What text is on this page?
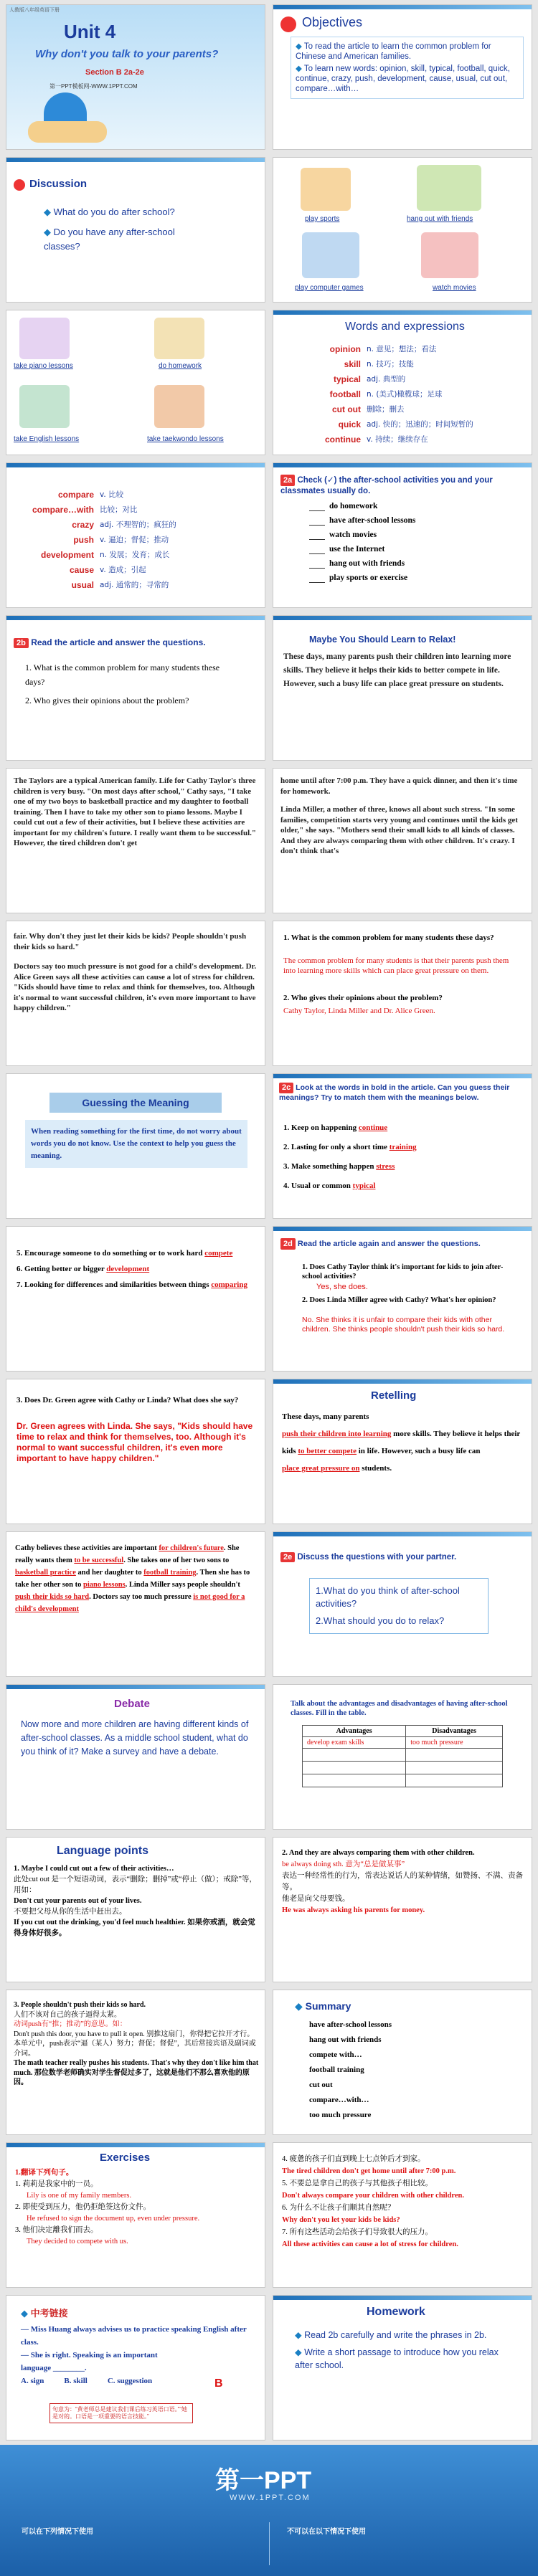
人教版八年级英语下册
Unit 4
Why don't you talk to your parents?
Section B 2a-2e
第一PPT模板网-WWW.1PPT.COM
Objectives
◆ To read the article to learn the common problem for Chinese and American families.
◆ To learn new words: opinion, skill, typical, football, quick, continue, crazy, push, development, cause, usual, cut out, compare…with…
Discussion
◆ What do you do after school?
◆ Do you have any after-school classes?
play sports	hang out with friends
play computer games	watch movies
take piano lessons	do homework
take English lessons	take taekwondo lessons
Words and expressions
opinion n. 意见；想法；看法
skill n. 技巧；技能
typical adj. 典型的
football n. (美式)橄榄球；足球
cut out 删除；删去
quick adj. 快的；迅速的；时间短暂的
continue v. 持续；继续存在
compare v. 比较
compare…with 比较；对比
crazy adj. 不理智的；疯狂的
push v. 逼迫；督促；推动
development n. 发展；发育；成长
cause v. 造成；引起
usual adj. 通常的；寻常的
2a Check (✓) the after-school activities you and your classmates usually do.
do homework
have after-school lessons
watch movies
use the Internet
hang out with friends
play sports or exercise
2b Read the article and answer the questions.
1. What is the common problem for many students these days?
2. Who gives their opinions about the problem?
Maybe You Should Learn to Relax!
These days, many parents push their children into learning more skills. They believe it helps their kids to better compete in life. However, such a busy life can place great pressure on students.
The Taylors are a typical American family. Life for Cathy Taylor's three children is very busy. "On most days after school," Cathy says, "I take one of my two boys to basketball practice and my daughter to football training. Then I have to take my other son to piano lessons. Maybe I could cut out a few of their activities, but I believe these activities are important for my children's future. I really want them to be successful." However, the tired children don't get
home until after 7:00 p.m. They have a quick dinner, and then it's time for homework.
Linda Miller, a mother of three, knows all about such stress. "In some families, competition starts very young and continues until the kids get older," she says. "Mothers send their small kids to all kinds of classes. And they are always comparing them with other children. It's crazy. I don't think that's
fair. Why don't they just let their kids be kids? People shouldn't push their kids so hard."
Doctors say too much pressure is not good for a child's development. Dr. Alice Green says all these activities can cause a lot of stress for children. "Kids should have time to relax and think for themselves, too. Although it's normal to want successful children, it's even more important to have happy children."
1. What is the common problem for many students these days?
The common problem for many students is that their parents push them into learning more skills which can place great pressure on them.
2. Who gives their opinions about the problem?
Cathy Taylor, Linda Miller and Dr. Alice Green.
Guessing the Meaning
When reading something for the first time, do not worry about words you do not know. Use the context to help you guess the meaning.
2c Look at the words in bold in the article. Can you guess their meanings? Try to match them with the meanings below.
1. Keep on happening continue
2. Lasting for only a short time training
3. Make something happen stress
4. Usual or common typical
5. Encourage someone to do something or to work hard compete
6. Getting better or bigger development
7. Looking for differences and similarities between things comparing
2d Read the article again and answer the questions.
1. Does Cathy Taylor think it's important for kids to join after-school activities?
Yes, she does.
2. Does Linda Miller agree with Cathy? What's her opinion?
No. She thinks it is unfair to compare their kids with other children. She thinks people shouldn't push their kids so hard.
3. Does Dr. Green agree with Cathy or Linda? What does she say?
Dr. Green agrees with Linda. She says, "Kids should have time to relax and think for themselves, too. Although it's normal to want successful children, it's even more important to have happy children."
Retelling
These days, many parents
push their children into learning more skills. They believe it helps their kids to better compete in life. However, such a busy life can
place great pressure on students.
Cathy believes these activities are important for children's future. She really wants them to be successful. She takes one of her two sons to basketball practice and her daughter to football training. Then she has to take her other son to piano lessons. Linda Miller says people shouldn't push their kids so hard. Doctors say too much pressure is not good for a child's development
2e Discuss the questions with your partner.
1.What do you think of after-school activities?
2.What should you do to relax?
Debate
Now more and more children are having different kinds of after-school classes. As a middle school student, what do you think of it? Make a survey and have a debate.
Talk about the advantages and disadvantages of having after-school classes. Fill in the table.
Advantages	Disadvantages
develop exam skills	too much pressure

Language points
1. Maybe I could cut out a few of their activities…
此处cut out 是一个短语动词，表示“删除；删掉”或“停止（做）；戒除”等，用如：
Don't cut your parents out of your lives.
不要把父母从你的生活中赶出去。
If you cut out the drinking, you'd feel much healthier. 如果你戒酒，就会觉得身体好很多。
2. And they are always comparing them with other children.
be always doing sth. 意为“总是做某事”
表达一种经常性的行为，常表达说话人的某种情绪，如赞扬、不满、责备等。
他老是向父母要钱。
He was always asking his parents for money.
3. People shouldn't push their kids so hard.
人们不该对自己的孩子逼得太紧。
动词push有“推；推动”的意思。如：
Don't push this door, you have to pull it open. 别推这扇门，你得把它拉开才行。
本单元中，push表示“逼（某人）努力；督促；督促”，其后常接宾语及副词或介词。
The math teacher really pushes his students. That's why they don't like him that much. 那位数学老师确实对学生督促过多了，这就是他们不那么喜欢他的原因。
◆ Summary
have after-school lessons
hang out with friends
compete with…
football training
cut out
compare…with…
too much pressure
Exercises
1.翻译下列句子。
1. 莉莉是我家中的一员。
Lily is one of my family members.
2. 即使受到压力，他仍拒绝签这份文件。
He refused to sign the document up, even under pressure.
3. 他们决定離我们而去。
They decided to compete with us.
4. 疲惫的孩子们直到晚上七点钟后才到家。
The tired children don't get home until after 7:00 p.m.
5. 不要总是拿自己的孩子与其他孩子相比较。
Don't always compare your children with other children.
6. 为什么不让孩子们顺其自然呢？
Why don't you let your kids be kids?
7. 所有这些活动会给孩子们导致很大的压力。
All these activities can cause a lot of stress for children.
◆ 中考链接
— Miss Huang always advises us to practice speaking English after class.
— She is right. Speaking is an important
language ________.
A. sign	B. skill	C. suggestion
句意为：“黄老师总是建议我们课后练习英语口语。”“她是对的。口语是一项重要的语言技能。”
B
Homework
◆ Read 2b carefully and write the phrases in 2b.
◆ Write a short passage to introduce how you relax after school.
第一PPT
WWW.1PPT.COM
可以在下列情况下使用	不可以在以下情况下使用
